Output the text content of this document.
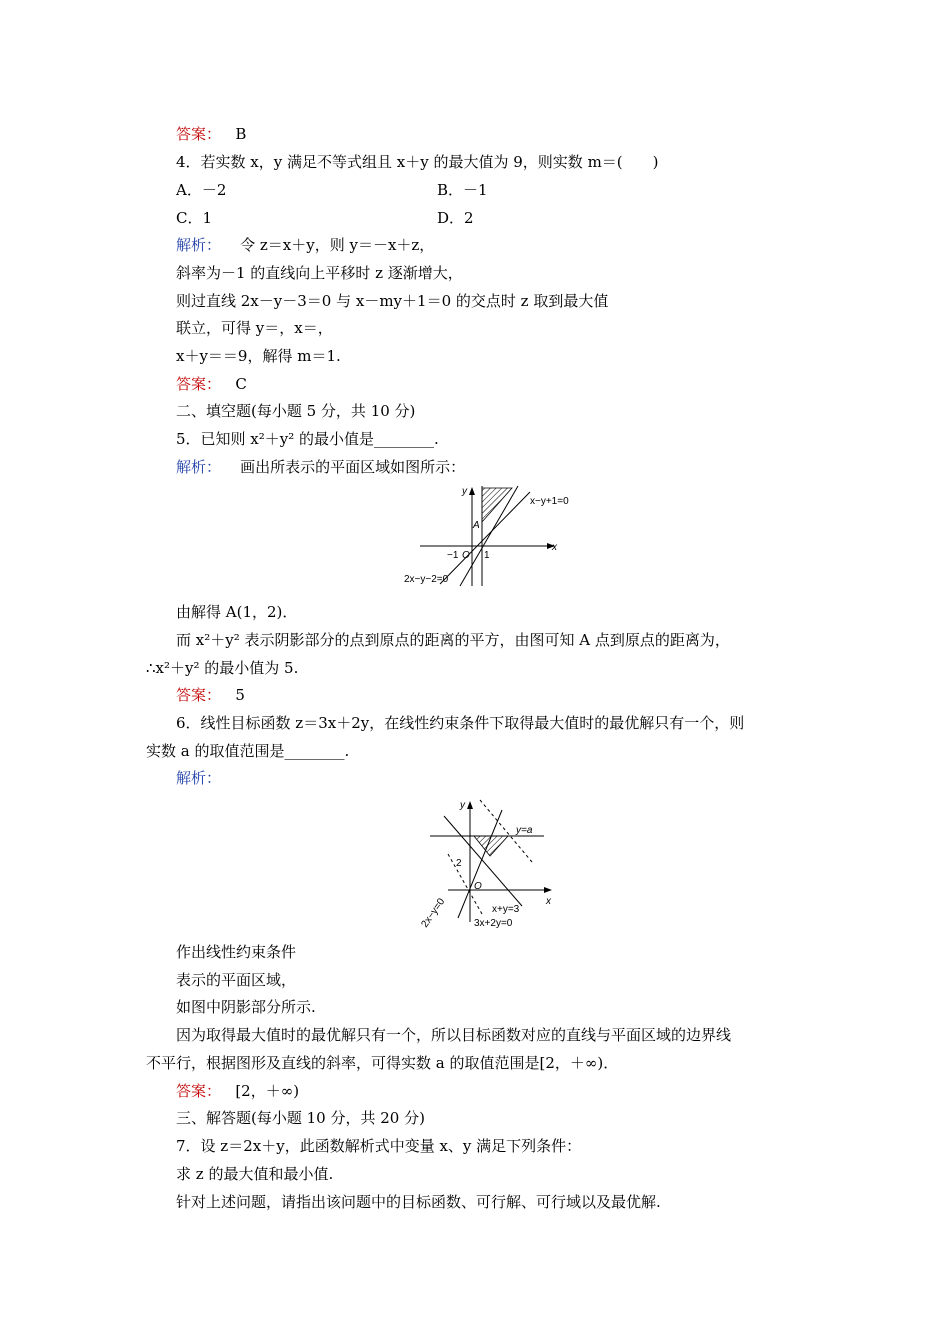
答案： B
4．若实数 x，y 满足不等式组且 x＋y 的最大值为 9，则实数 m＝(　　)
A．－2	B．－1
C．1	D．2
解析： 令 z＝x＋y，则 y＝－x＋z，
斜率为－1 的直线向上平移时 z 逐渐增大，
则过直线 2x－y－3＝0 与 x－my＋1＝0 的交点时 z 取到最大值
联立，可得 y＝，x＝，
x＋y＝＝9，解得 m＝1.
答案： C
二、填空题(每小题 5 分，共 10 分)
5．已知则 x²＋y² 的最小值是________.
解析： 画出所表示的平面区域如图所示：
y
x
x−y+1=0
A
−1 O 1
2x−y−2=0
由解得 A(1，2)．
而 x²＋y² 表示阴影部分的点到原点的距离的平方，由图可知 A 点到原点的距离为，
∴x²＋y² 的最小值为 5.
答案： 5
6．线性目标函数 z＝3x＋2y，在线性约束条件下取得最大值时的最优解只有一个，则
实数 a 的取值范围是________.
解析：
y
x
y=a
2
O
x+y=3
3x+2y=0
2x−y=0
作出线性约束条件
表示的平面区域，
如图中阴影部分所示.
因为取得最大值时的最优解只有一个，所以目标函数对应的直线与平面区域的边界线
不平行，根据图形及直线的斜率，可得实数 a 的取值范围是[2，＋∞)．
答案： [2，＋∞)
三、解答题(每小题 10 分，共 20 分)
7．设 z＝2x＋y，此函数解析式中变量 x、y 满足下列条件：
求 z 的最大值和最小值.
针对上述问题，请指出该问题中的目标函数、可行解、可行域以及最优解.
